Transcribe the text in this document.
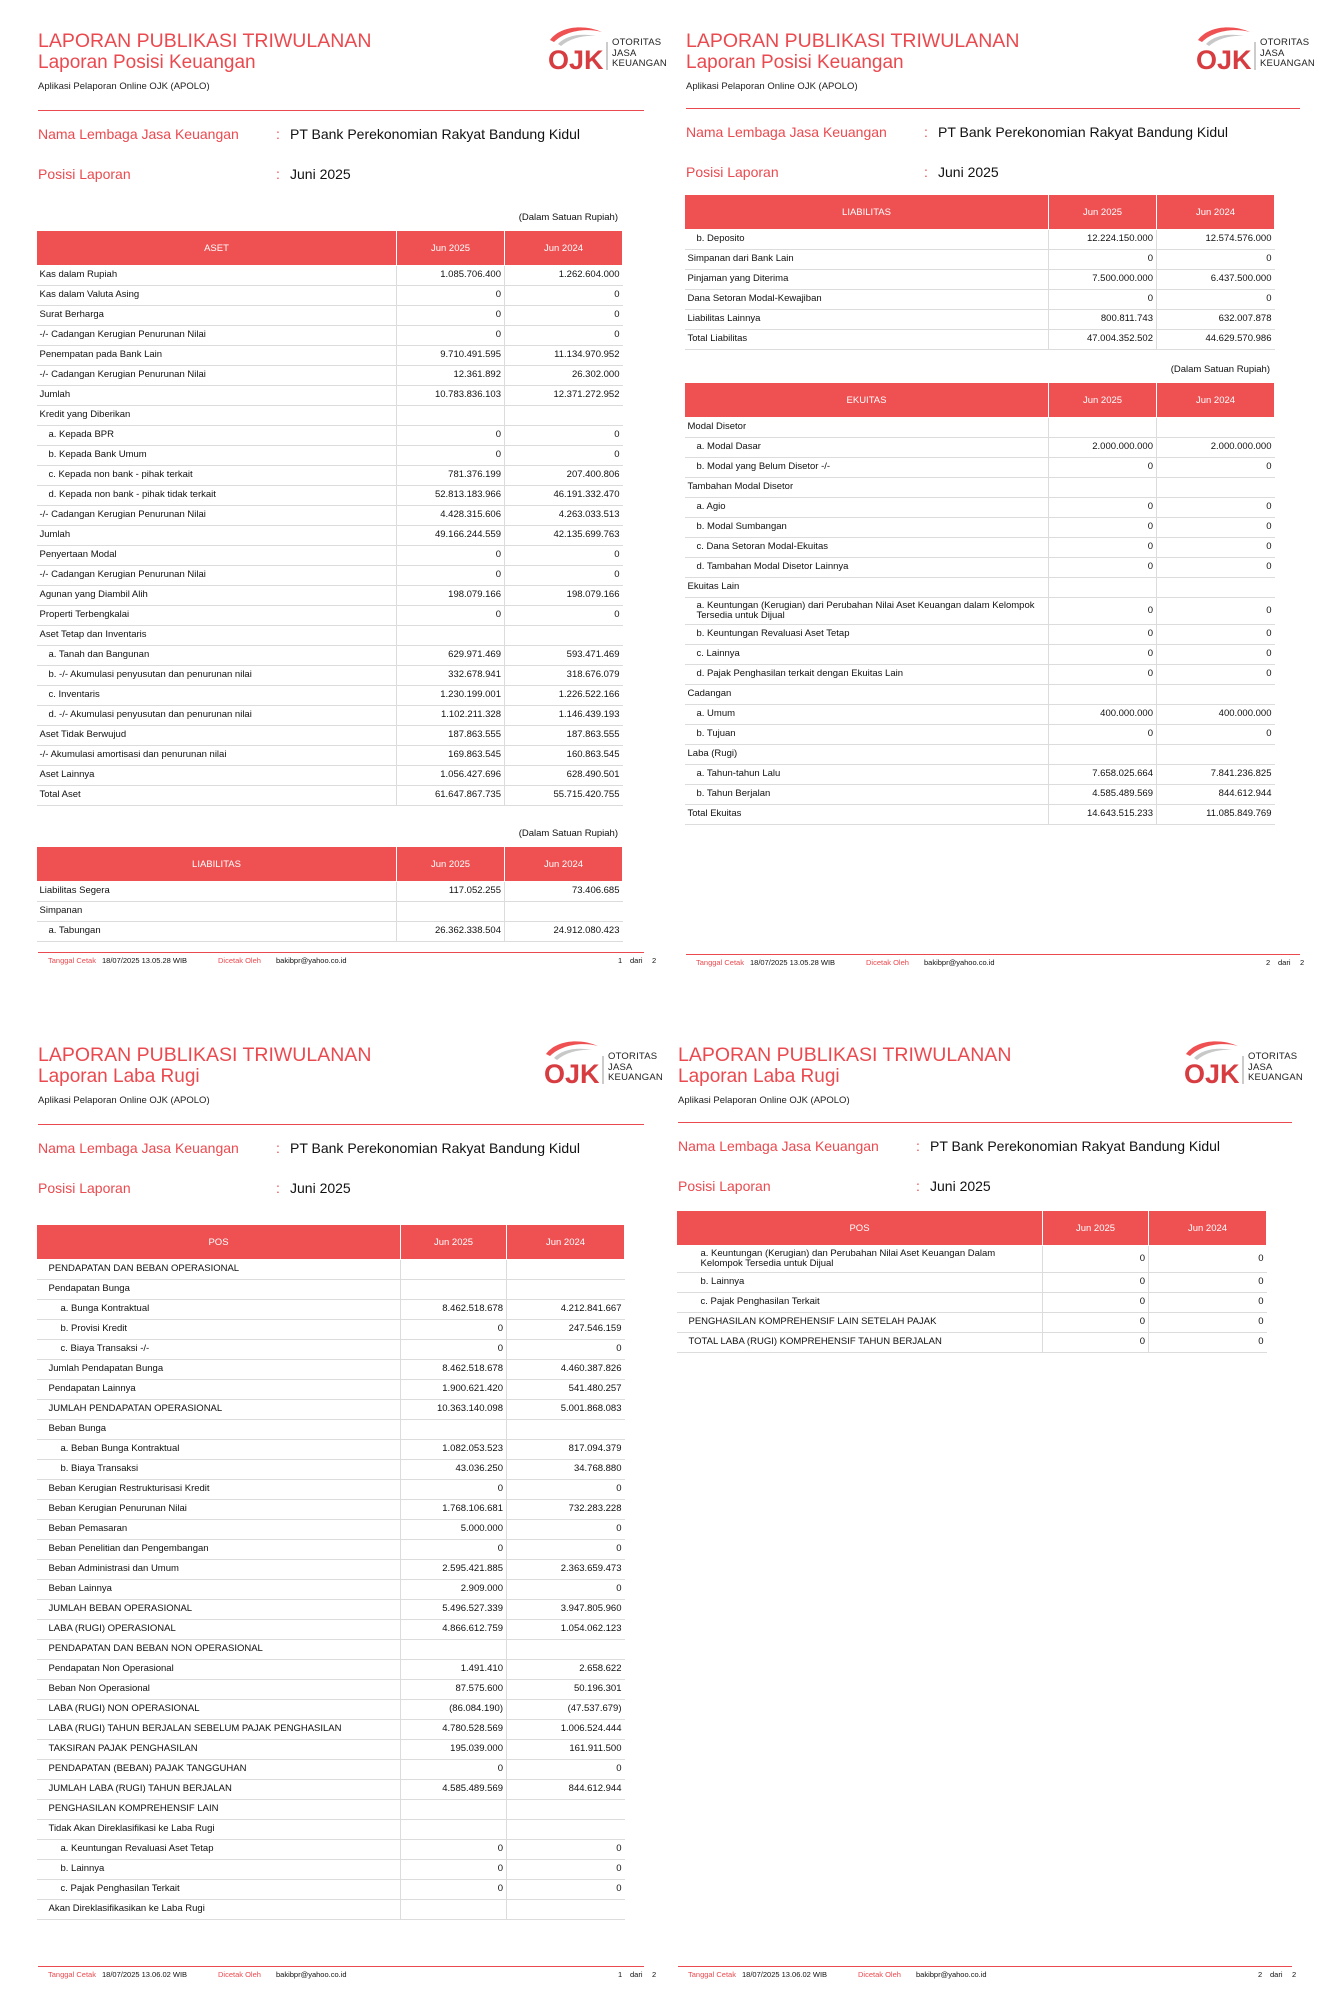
LAPORAN PUBLIKASI TRIWULANAN
Laporan Posisi Keuangan
Aplikasi Pelaporan Online OJK (APOLO)
OJK
OTORITAS
JASA
KEUANGAN
Nama Lembaga Jasa Keuangan	: PT Bank Perekonomian Rakyat Bandung Kidul
Posisi Laporan	: Juni 2025
(Dalam Satuan Rupiah)
(Dalam Satuan Rupiah)
ASET	Jun 2025	Jun 2024
Kas dalam Rupiah	1.085.706.400	1.262.604.000
Kas dalam Valuta Asing	0	0
Surat Berharga	0	0
-/- Cadangan Kerugian Penurunan Nilai	0	0
Penempatan pada Bank Lain	9.710.491.595	11.134.970.952
-/- Cadangan Kerugian Penurunan Nilai	12.361.892	26.302.000
Jumlah	10.783.836.103	12.371.272.952
Kredit yang Diberikan		
a. Kepada BPR	0	0
b. Kepada Bank Umum	0	0
c. Kepada non bank - pihak terkait	781.376.199	207.400.806
d. Kepada non bank - pihak tidak terkait	52.813.183.966	46.191.332.470
-/- Cadangan Kerugian Penurunan Nilai	4.428.315.606	4.263.033.513
Jumlah	49.166.244.559	42.135.699.763
Penyertaan Modal	0	0
-/- Cadangan Kerugian Penurunan Nilai	0	0
Agunan yang Diambil Alih	198.079.166	198.079.166
Properti Terbengkalai	0	0
Aset Tetap dan Inventaris		
a. Tanah dan Bangunan	629.971.469	593.471.469
b. -/- Akumulasi penyusutan dan penurunan nilai	332.678.941	318.676.079
c. Inventaris	1.230.199.001	1.226.522.166
d. -/- Akumulasi penyusutan dan penurunan nilai	1.102.211.328	1.146.439.193
Aset Tidak Berwujud	187.863.555	187.863.555
-/- Akumulasi amortisasi dan penurunan nilai	169.863.545	160.863.545
Aset Lainnya	1.056.427.696	628.490.501
Total Aset	61.647.867.735	55.715.420.755
LIABILITAS	Jun 2025	Jun 2024
Liabilitas Segera	117.052.255	73.406.685
Simpanan		
a. Tabungan	26.362.338.504	24.912.080.423
Tanggal Cetak 18/07/2025 13.05.28 WIB	Dicetak Oleh bakibpr@yahoo.co.id	1 dari 2
LAPORAN PUBLIKASI TRIWULANAN
Laporan Posisi Keuangan
Aplikasi Pelaporan Online OJK (APOLO)
OJK
OTORITAS
JASA
KEUANGAN
Nama Lembaga Jasa Keuangan	: PT Bank Perekonomian Rakyat Bandung Kidul
Posisi Laporan	: Juni 2025
(Dalam Satuan Rupiah)
LIABILITAS	Jun 2025	Jun 2024
b. Deposito	12.224.150.000	12.574.576.000
Simpanan dari Bank Lain	0	0
Pinjaman yang Diterima	7.500.000.000	6.437.500.000
Dana Setoran Modal-Kewajiban	0	0
Liabilitas Lainnya	800.811.743	632.007.878
Total Liabilitas	47.004.352.502	44.629.570.986
EKUITAS	Jun 2025	Jun 2024
Modal Disetor		
a. Modal Dasar	2.000.000.000	2.000.000.000
b. Modal yang Belum Disetor -/-	0	0
Tambahan Modal Disetor		
a. Agio	0	0
b. Modal Sumbangan	0	0
c. Dana Setoran Modal-Ekuitas	0	0
d. Tambahan Modal Disetor Lainnya	0	0
Ekuitas Lain		
a. Keuntungan (Kerugian) dari Perubahan Nilai Aset Keuangan dalam Kelompok Tersedia untuk Dijual	0	0
b. Keuntungan Revaluasi Aset Tetap	0	0
c. Lainnya	0	0
d. Pajak Penghasilan terkait dengan Ekuitas Lain	0	0
Cadangan		
a. Umum	400.000.000	400.000.000
b. Tujuan	0	0
Laba (Rugi)		
a. Tahun-tahun Lalu	7.658.025.664	7.841.236.825
b. Tahun Berjalan	4.585.489.569	844.612.944
Total Ekuitas	14.643.515.233	11.085.849.769
Tanggal Cetak 18/07/2025 13.05.28 WIB	Dicetak Oleh bakibpr@yahoo.co.id	2 dari 2
LAPORAN PUBLIKASI TRIWULANAN
Laporan Laba Rugi
Aplikasi Pelaporan Online OJK (APOLO)
OJK
OTORITAS
JASA
KEUANGAN
Nama Lembaga Jasa Keuangan	: PT Bank Perekonomian Rakyat Bandung Kidul
Posisi Laporan	: Juni 2025
POS	Jun 2025	Jun 2024
PENDAPATAN DAN BEBAN OPERASIONAL		
Pendapatan Bunga		
a. Bunga Kontraktual	8.462.518.678	4.212.841.667
b. Provisi Kredit	0	247.546.159
c. Biaya Transaksi -/-	0	0
Jumlah Pendapatan Bunga	8.462.518.678	4.460.387.826
Pendapatan Lainnya	1.900.621.420	541.480.257
JUMLAH PENDAPATAN OPERASIONAL	10.363.140.098	5.001.868.083
Beban Bunga		
a. Beban Bunga Kontraktual	1.082.053.523	817.094.379
b. Biaya Transaksi	43.036.250	34.768.880
Beban Kerugian Restrukturisasi Kredit	0	0
Beban Kerugian Penurunan Nilai	1.768.106.681	732.283.228
Beban Pemasaran	5.000.000	0
Beban Penelitian dan Pengembangan	0	0
Beban Administrasi dan Umum	2.595.421.885	2.363.659.473
Beban Lainnya	2.909.000	0
JUMLAH BEBAN OPERASIONAL	5.496.527.339	3.947.805.960
LABA (RUGI) OPERASIONAL	4.866.612.759	1.054.062.123
PENDAPATAN DAN BEBAN NON OPERASIONAL		
Pendapatan Non Operasional	1.491.410	2.658.622
Beban Non Operasional	87.575.600	50.196.301
LABA (RUGI) NON OPERASIONAL	(86.084.190)	(47.537.679)
LABA (RUGI) TAHUN BERJALAN SEBELUM PAJAK PENGHASILAN	4.780.528.569	1.006.524.444
TAKSIRAN PAJAK PENGHASILAN	195.039.000	161.911.500
PENDAPATAN (BEBAN) PAJAK TANGGUHAN	0	0
JUMLAH LABA (RUGI) TAHUN BERJALAN	4.585.489.569	844.612.944
PENGHASILAN KOMPREHENSIF LAIN		
Tidak Akan Direklasifikasi ke Laba Rugi		
a. Keuntungan Revaluasi Aset Tetap	0	0
b. Lainnya	0	0
c. Pajak Penghasilan Terkait	0	0
Akan Direklasifikasikan ke Laba Rugi		
Tanggal Cetak 18/07/2025 13.06.02 WIB	Dicetak Oleh bakibpr@yahoo.co.id	1 dari 2
LAPORAN PUBLIKASI TRIWULANAN
Laporan Laba Rugi
Aplikasi Pelaporan Online OJK (APOLO)
OJK
OTORITAS
JASA
KEUANGAN
Nama Lembaga Jasa Keuangan	: PT Bank Perekonomian Rakyat Bandung Kidul
Posisi Laporan	: Juni 2025
POS	Jun 2025	Jun 2024
a. Keuntungan (Kerugian) dan Perubahan Nilai Aset Keuangan Dalam Kelompok Tersedia untuk Dijual	0	0
b. Lainnya	0	0
c. Pajak Penghasilan Terkait	0	0
PENGHASILAN KOMPREHENSIF LAIN SETELAH PAJAK	0	0
TOTAL LABA (RUGI) KOMPREHENSIF TAHUN BERJALAN	0	0
Tanggal Cetak 18/07/2025 13.06.02 WIB	Dicetak Oleh bakibpr@yahoo.co.id	2 dari 2
